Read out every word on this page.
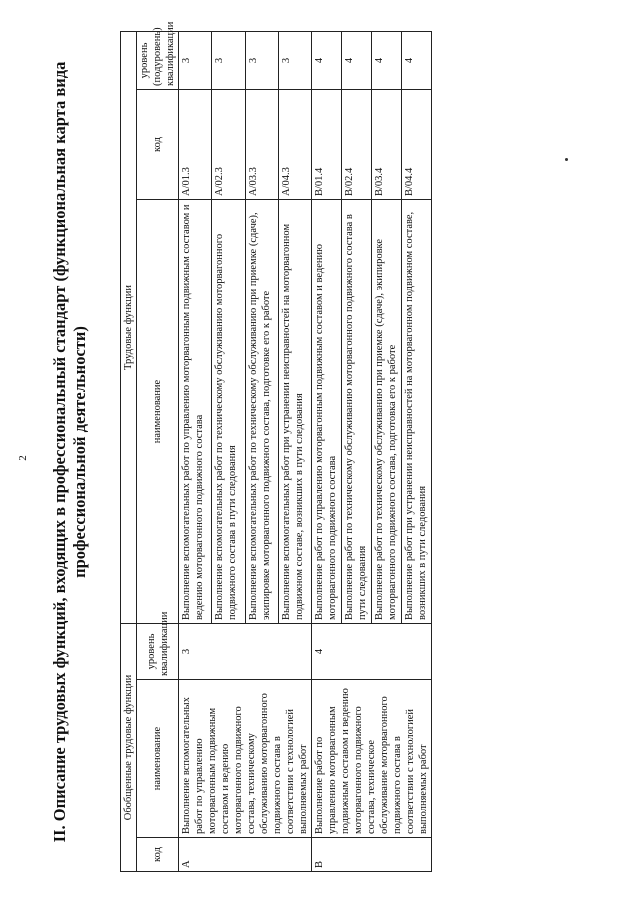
2 II. Описание трудовых функций, входящих в профессиональный стандарт (функциональная карта вида профессиональной деятельности)
Обобщенные трудовые функции			Трудовые функции		
код	наименование	уровень квалификации	наименование	код	уровень (подуровень) квалификации
A	Выполнение вспомогательных работ по управлению моторвагонным подвижным составом и ведению моторвагонного подвижного состава, техническому обслуживанию моторвагонного подвижного состава в соответствии с технологией выполняемых работ	3	Выполнение вспомогательных работ по управлению моторвагонным подвижным составом и ведению моторвагонного подвижного состава	A/01.3	3
			Выполнение вспомогательных работ по техническому обслуживанию моторвагонного подвижного состава в пути следования	A/02.3	3
			Выполнение вспомогательных работ по техническому обслуживанию при приемке (сдаче), экипировке моторвагонного подвижного состава, подготовке его к работе	A/03.3	3
			Выполнение вспомогательных работ при устранении неисправностей на моторвагонном подвижном составе, возникших в пути следования	A/04.3	3
B	Выполнение работ по управлению моторвагонным подвижным составом и ведению моторвагонного подвижного состава, техническое обслуживание моторвагонного подвижного состава в соответствии с технологией выполняемых работ	4	Выполнение работ по управлению моторвагонным подвижным составом и ведению моторвагонного подвижного состава	B/01.4	4
			Выполнение работ по техническому обслуживанию моторвагонного подвижного состава в пути следования	B/02.4	4
			Выполнение работ по техническому обслуживанию при приемке (сдаче), экипировке моторвагонного подвижного состава, подготовка его к работе	B/03.4	4
			Выполнение работ при устранении неисправностей на моторвагонном подвижном составе, возникших в пути следования	B/04.4	4
